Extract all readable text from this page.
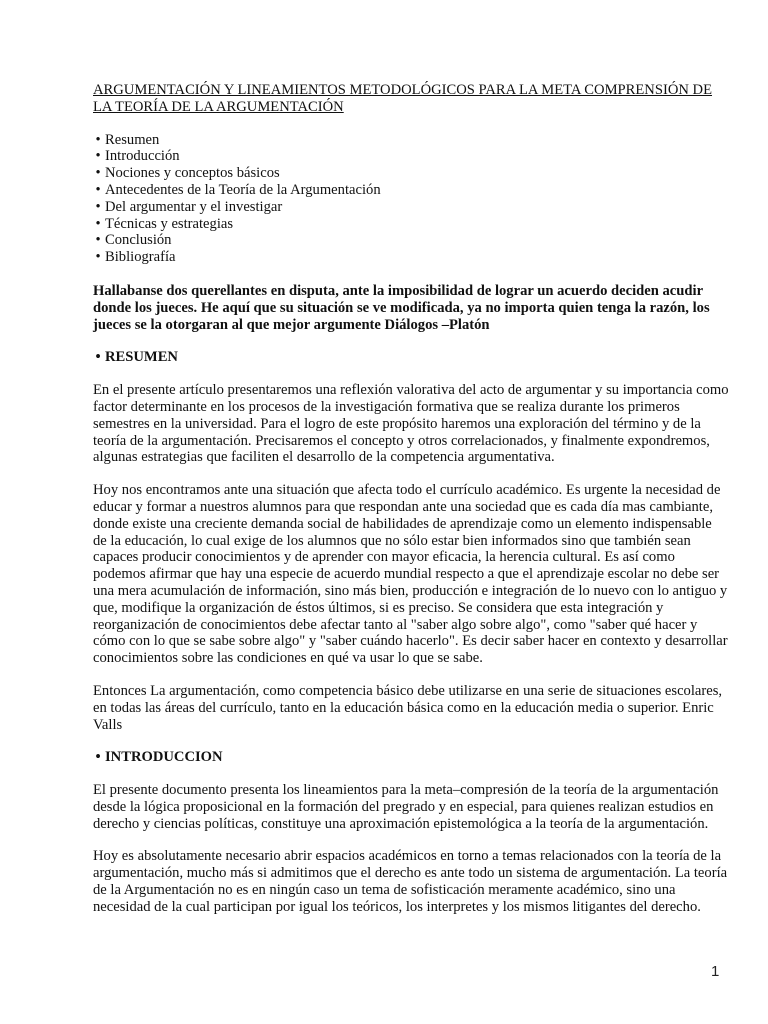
ARGUMENTACIÓN Y LINEAMIENTOS METODOLÓGICOS PARA LA META COMPRENSIÓN DE LA TEORÍA DE LA ARGUMENTACIÓN
• Resumen
• Introducción
• Nociones y conceptos básicos
• Antecedentes de la Teoría de la Argumentación
• Del argumentar y el investigar
• Técnicas y estrategias
• Conclusión
• Bibliografía

Hallabanse dos querellantes en disputa, ante la imposibilidad de lograr un acuerdo deciden acudir donde los jueces. He aquí que su situación se ve modificada, ya no importa quien tenga la razón, los jueces se la otorgaran al que mejor argumente Diálogos –Platón

• RESUMEN

En el presente artículo presentaremos una reflexión valorativa del acto de argumentar y su importancia como factor determinante en los procesos de la investigación formativa que se realiza durante los primeros semestres en la universidad. Para el logro de este propósito haremos una exploración del término y de la teoría de la argumentación. Precisaremos el concepto y otros correlacionados, y finalmente expondremos, algunas estrategias que faciliten el desarrollo de la competencia argumentativa.

Hoy nos encontramos ante una situación que afecta todo el currículo académico. Es urgente la necesidad de educar y formar a nuestros alumnos para que respondan ante una sociedad que es cada día mas cambiante, donde existe una creciente demanda social de habilidades de aprendizaje como un elemento indispensable de la educación, lo cual exige de los alumnos que no sólo estar bien informados sino que también sean capaces producir conocimientos y de aprender con mayor eficacia, la herencia cultural. Es así como podemos afirmar que hay una especie de acuerdo mundial respecto a que el aprendizaje escolar no debe ser una mera acumulación de información, sino más bien, producción e integración de lo nuevo con lo antiguo y que, modifique la organización de éstos últimos, si es preciso. Se considera que esta integración y reorganización de conocimientos debe afectar tanto al "saber algo sobre algo", como "saber qué hacer y cómo con lo que se sabe sobre algo" y "saber cuándo hacerlo". Es decir saber hacer en contexto y desarrollar conocimientos sobre las condiciones en qué va usar lo que se sabe.

Entonces La argumentación, como competencia básico debe utilizarse en una serie de situaciones escolares, en todas las áreas del currículo, tanto en la educación básica como en la educación media o superior. Enric Valls

• INTRODUCCION

El presente documento presenta los lineamientos para la meta–compresión de la teoría de la argumentación desde la lógica proposicional en la formación del pregrado y en especial, para quienes realizan estudios en derecho y ciencias políticas, constituye una aproximación epistemológica a la teoría de la argumentación.

Hoy es absolutamente necesario abrir espacios académicos en torno a temas relacionados con la teoría de la argumentación, mucho más si admitimos que el derecho es ante todo un sistema de argumentación. La teoría de la Argumentación no es en ningún caso un tema de sofisticación meramente académico, sino una necesidad de la cual participan por igual los teóricos, los interpretes y los mismos litigantes del derecho.

1
